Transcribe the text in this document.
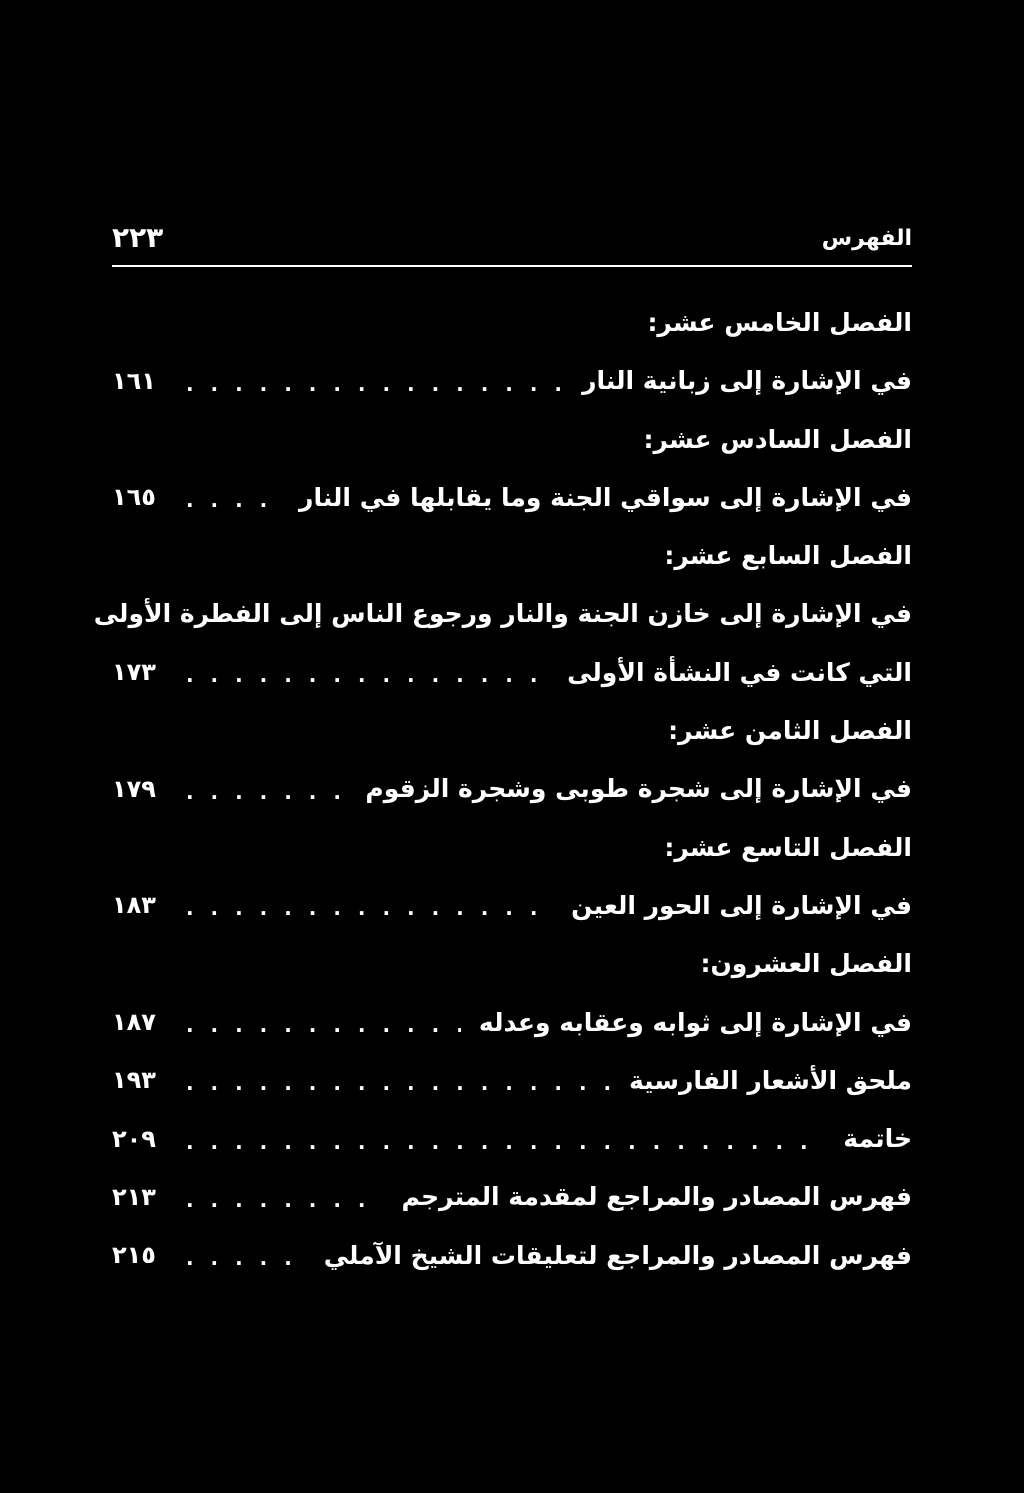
٢٢٣	الفهرس
الفصل الخامس عشر:
في الإشارة إلى زبانية النار
. . .
١٦١
الفصل السادس عشر:
في الإشارة إلى سواقي الجنة وما يقابلها في النار
. . .
١٦٥
الفصل السابع عشر:
في الإشارة إلى خازن الجنة والنار ورجوع الناس إلى الفطرة الأولى
التي كانت في النشأة الأولى
. . .
١٧٣
الفصل الثامن عشر:
في الإشارة إلى شجرة طوبى وشجرة الزقوم
. . .
١٧٩
الفصل التاسع عشر:
في الإشارة إلى الحور العين
. . .
١٨٣
الفصل العشرون:
في الإشارة إلى ثوابه وعقابه وعدله
. . .
١٨٧
ملحق الأشعار الفارسية
. . .
١٩٣
خاتمة
. . .
٢٠٩
فهرس المصادر والمراجع لمقدمة المترجم
. . .
٢١٣
فهرس المصادر والمراجع لتعليقات الشيخ الآملي
. . .
٢١٥
